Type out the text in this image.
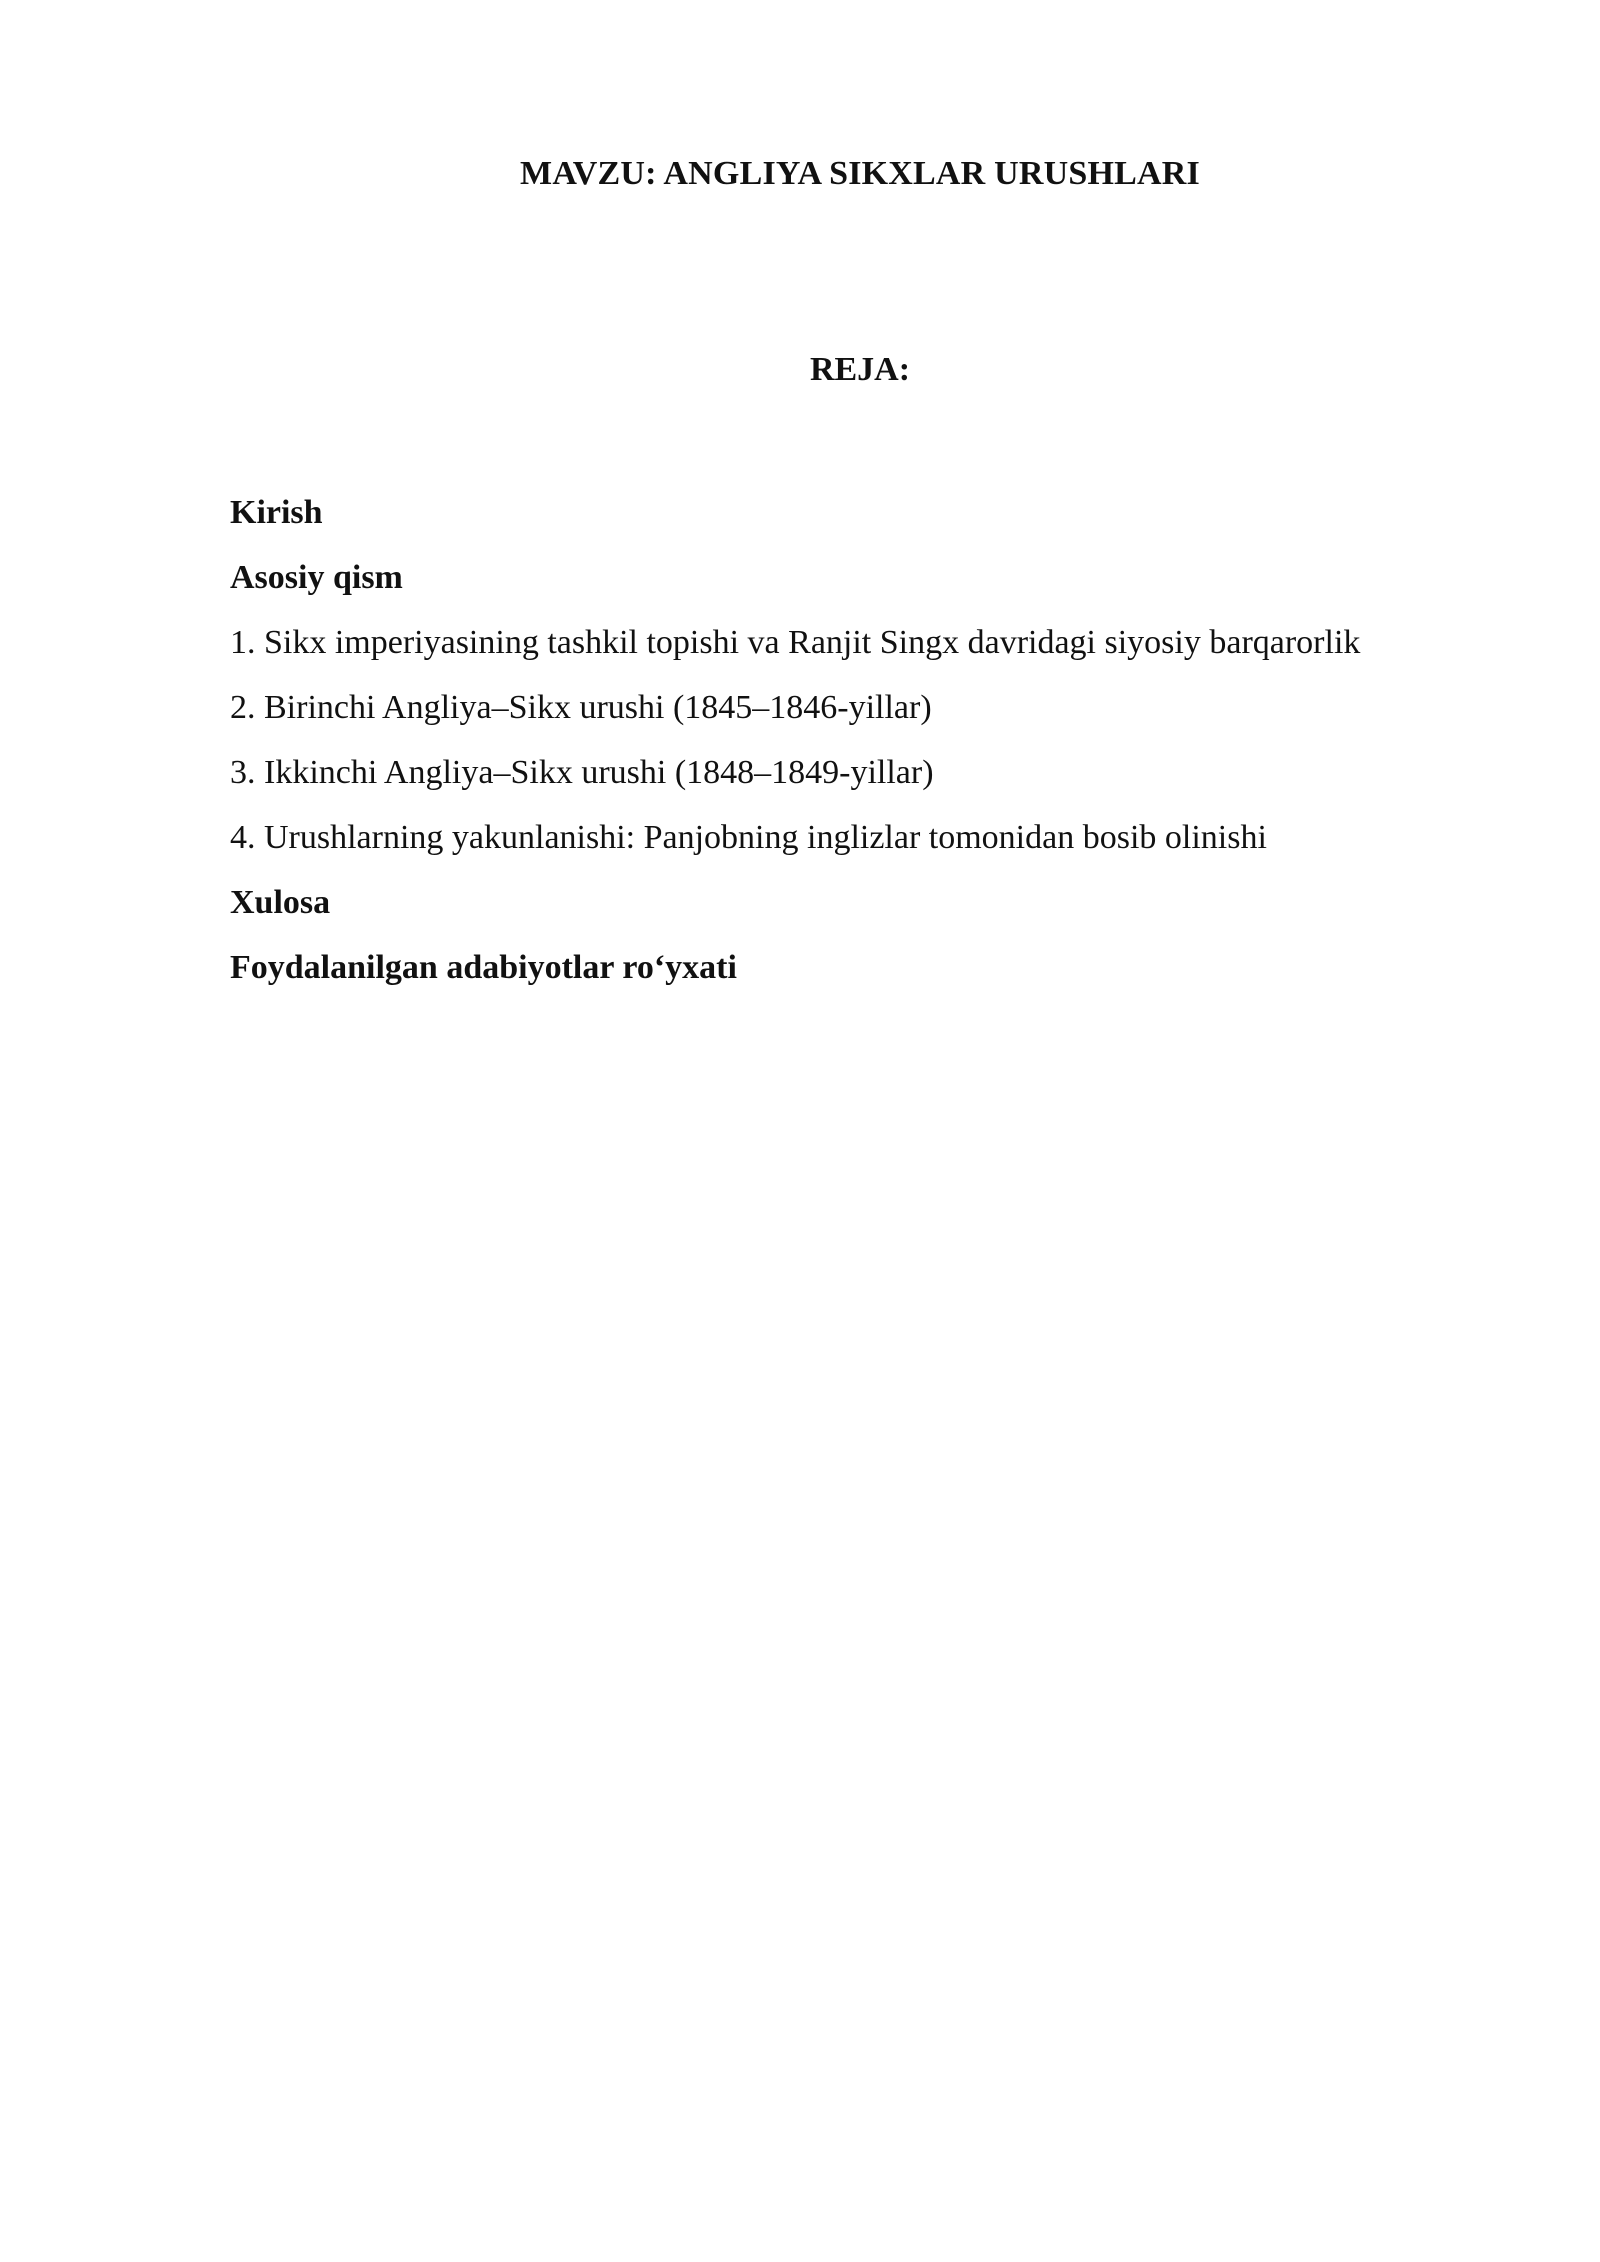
MAVZU: ANGLIYA SIKXLAR URUSHLARI
REJA:
Kirish
Asosiy qism
1. Sikx imperiyasining tashkil topishi va Ranjit Singx davridagi siyosiy barqarorlik
2. Birinchi Angliya–Sikx urushi (1845–1846-yillar)
3. Ikkinchi Angliya–Sikx urushi (1848–1849-yillar)
4. Urushlarning yakunlanishi: Panjobning inglizlar tomonidan bosib olinishi
Xulosa
Foydalanilgan adabiyotlar ro‘yxati
